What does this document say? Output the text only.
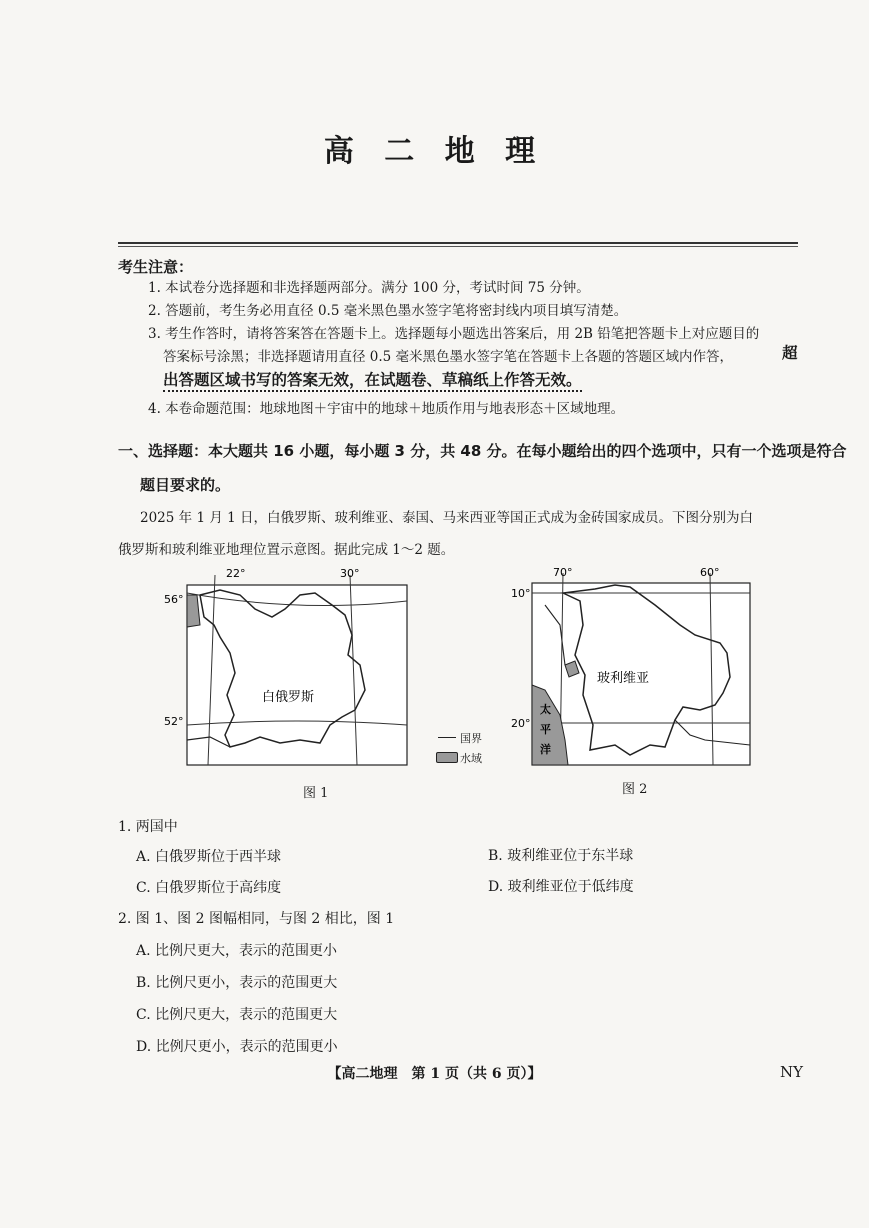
高 二 地 理
考生注意：
1. 本试卷分选择题和非选择题两部分。满分 100 分，考试时间 75 分钟。
2. 答题前，考生务必用直径 0.5 毫米黑色墨水签字笔将密封线内项目填写清楚。
3. 考生作答时，请将答案答在答题卡上。选择题每小题选出答案后，用 2B 铅笔把答题卡上对应题目的
答案标号涂黑；非选择题请用直径 0.5 毫米黑色墨水签字笔在答题卡上各题的答题区域内作答，	超
出答题区域书写的答案无效，在试题卷、草稿纸上作答无效。
4. 本卷命题范围：地球地图＋宇宙中的地球＋地质作用与地表形态＋区域地理。
一、选择题：本大题共 16 小题，每小题 3 分，共 48 分。在每小题给出的四个选项中，只有一个选项是符合
题目要求的。
2025 年 1 月 1 日，白俄罗斯、玻利维亚、泰国、马来西亚等国正式成为金砖国家成员。下图分别为白
俄罗斯和玻利维亚地理位置示意图。据此完成 1～2 题。
22°	30°
56°
52°
白俄罗斯
图 1
国界
水域
70°	60°
10°
20°
玻利维亚
太
平
洋
图 2
1. 两国中
A. 白俄罗斯位于西半球	B. 玻利维亚位于东半球
C. 白俄罗斯位于高纬度	D. 玻利维亚位于低纬度
2. 图 1、图 2 图幅相同，与图 2 相比，图 1
A. 比例尺更大，表示的范围更小
B. 比例尺更小，表示的范围更大
C. 比例尺更大，表示的范围更大
D. 比例尺更小，表示的范围更小
【高二地理　第 1 页（共 6 页）】	NY
